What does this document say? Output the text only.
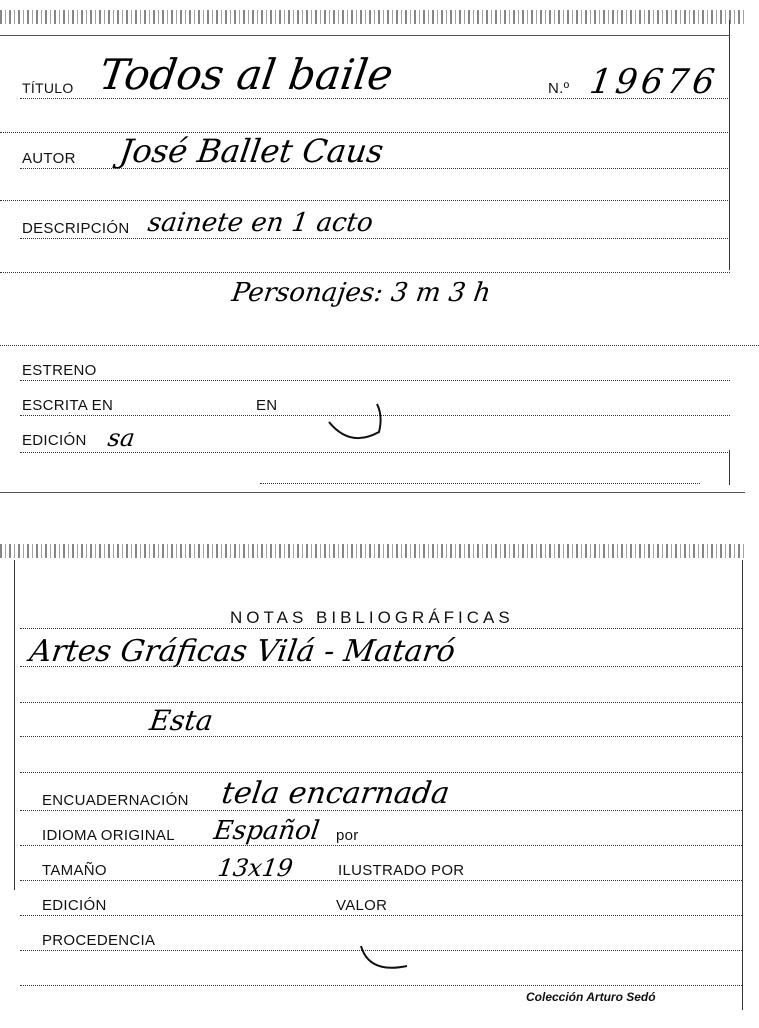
TÍTULO Todos al baile	N.º 19676
AUTOR José Ballet Caus
DESCRIPCIÓN sainete en 1 acto
Personajes: 3 m 3 h
ESTRENO
ESCRITA EN	EN
EDICIÓN sa
NOTAS BIBLIOGRÁFICAS
Artes Gráficas Vilá - Mataró
Esta
ENCUADERNACIÓN tela encarnada
IDIOMA ORIGINAL Español por
TAMAÑO	13x19	ILUSTRADO POR
EDICIÓN	VALOR
PROCEDENCIA
Colección Arturo Sedó
